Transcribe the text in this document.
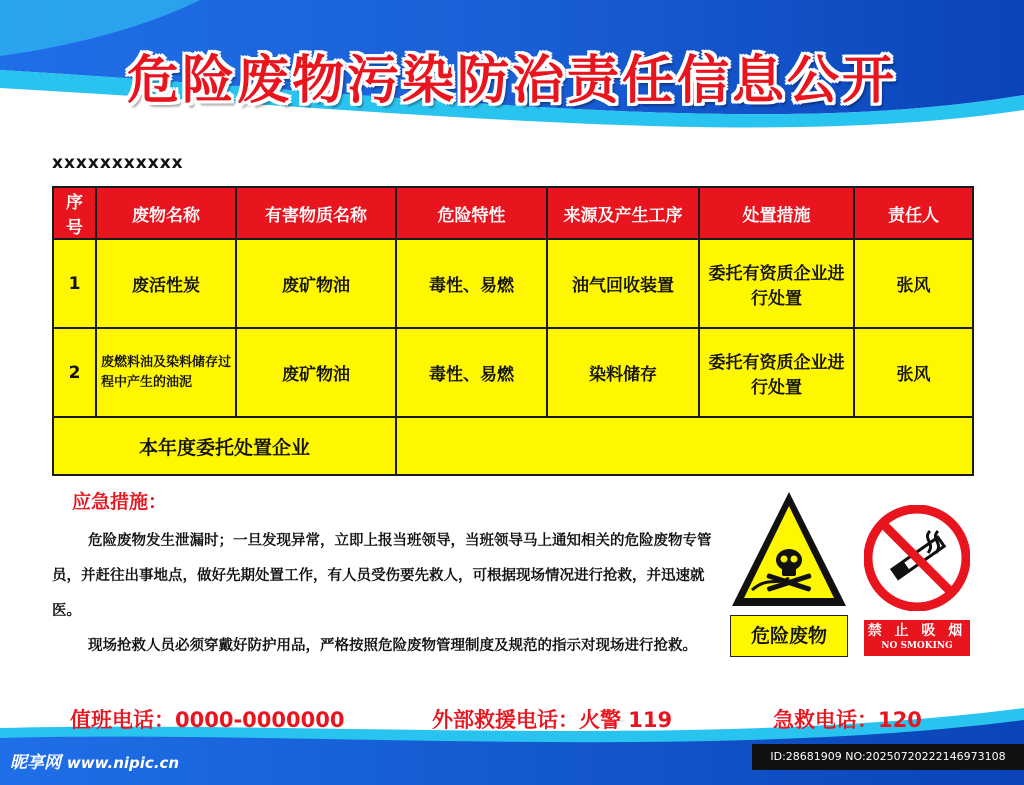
危险废物污染防治责任信息公开
xxxxxxxxxxx
序号	废物名称	有害物质名称	危险特性	来源及产生工序	处置措施	责任人
1	废活性炭	废矿物油	毒性、易燃	油气回收装置	委托有资质企业进行处置	张风
2	废燃料油及染料储存过程中产生的油泥	废矿物油	毒性、易燃	染料储存	委托有资质企业进行处置	张风
本年度委托处置企业						
应急措施：

危险废物发生泄漏时；一旦发现异常，立即上报当班领导，当班领导马上通知相关的危险废物专管员，并赶往出事地点，做好先期处置工作，有人员受伤要先救人，可根据现场情况进行抢救，并迅速就医。

现场抢救人员必须穿戴好防护用品，严格按照危险废物管理制度及规范的指示对现场进行抢救。	危险废物	禁 止 吸 烟
NO SMOKING
值班电话：0000-0000000	外部救援电话：火警 119	急救电话：120
昵享网 www.nipic.cn	ID:28681909 NO:20250720222146973108
